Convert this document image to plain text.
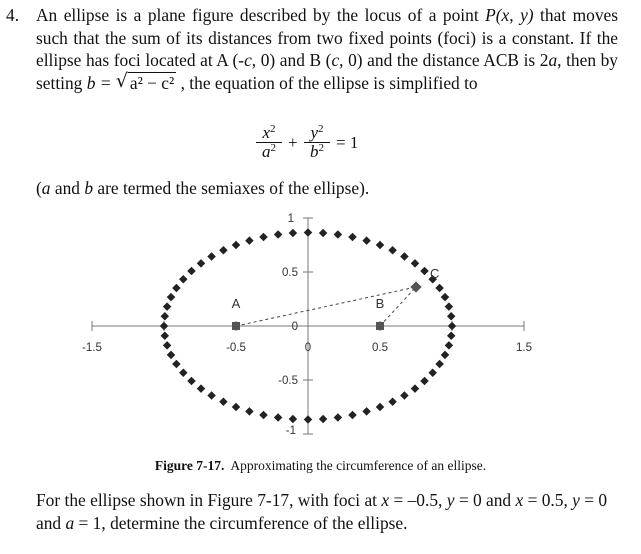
4. An ellipse is a plane figure described by the locus of a point P(x, y) that moves such that the sum of its distances from two fixed points (foci) is a constant. If the ellipse has foci located at A (-c, 0) and B (c, 0) and the distance ACB is 2a, then by setting b = √ a² − c² , the equation of the ellipse is simplified to
$\frac{x^2}{a^2} + \frac{y^2}{b^2} = 1$
(a and b are termed the semiaxes of the ellipse).
-1.5	-0.5	0	0.5	1.5
1
0.5
0
-0.5
-1
A	B
C
Figure 7-17. Approximating the circumference of an ellipse.
For the ellipse shown in Figure 7-17, with foci at x = –0.5, y = 0 and x = 0.5, y = 0 and a = 1, determine the circumference of the ellipse.
